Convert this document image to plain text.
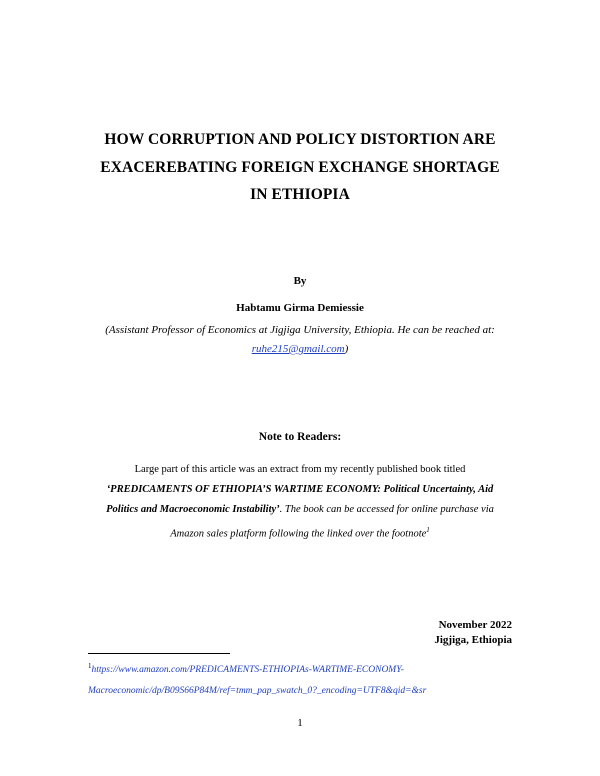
HOW CORRUPTION AND POLICY DISTORTION ARE
EXACEREBATING FOREIGN EXCHANGE SHORTAGE
IN ETHIOPIA
By
Habtamu Girma Demiessie
(Assistant Professor of Economics at Jigjiga University, Ethiopia. He can be reached at:
ruhe215@gmail.com)
Note to Readers:
Large part of this article was an extract from my recently published book titled
‘PREDICAMENTS OF ETHIOPIA’S WARTIME ECONOMY: Political Uncertainty, Aid
Politics and Macroeconomic Instability’. The book can be accessed for online purchase via
Amazon sales platform following the linked over the footnote$^1$
November 2022
Jigjiga, Ethiopia
$^1$https://www.amazon.com/PREDICAMENTS-ETHIOPIAs-WARTIME-ECONOMY-
Macroeconomic/dp/B09S66P84M/ref=tmm_pap_swatch_0?_encoding=UTF8&qid=&sr
1
